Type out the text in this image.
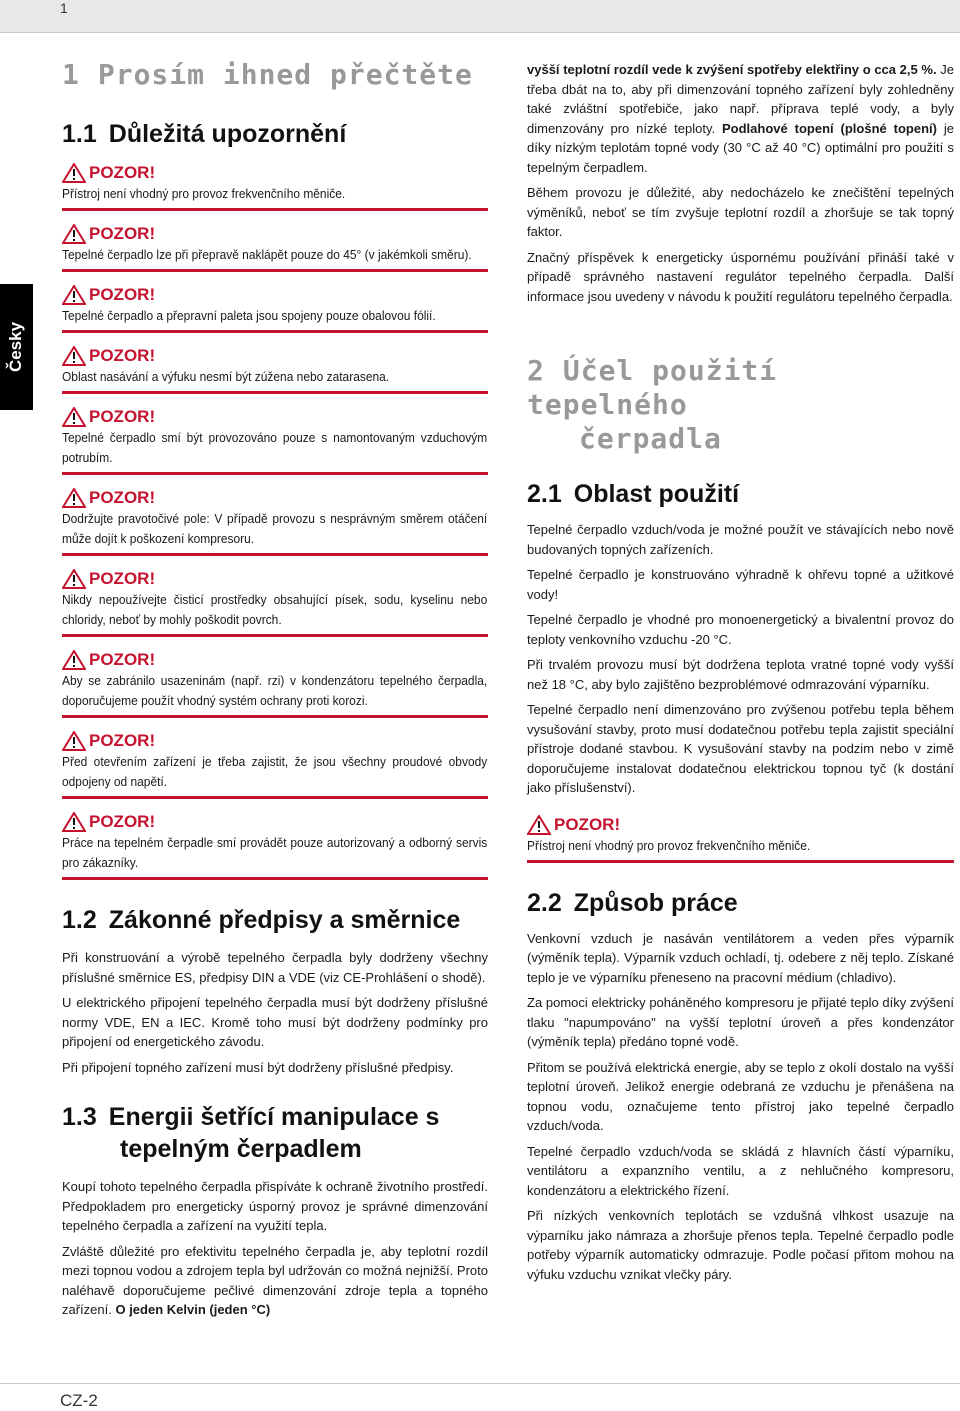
1
Česky
1 Prosím ihned přečtěte
1.1 Důležitá upozornění
POZOR!
Přístroj není vhodný pro provoz frekvenčního měniče.
POZOR!
Tepelné čerpadlo lze při přepravě naklápět pouze do 45° (v jakémkoli směru).
POZOR!
Tepelné čerpadlo a přepravní paleta jsou spojeny pouze obalovou fólií.
POZOR!
Oblast nasávání a výfuku nesmí být zúžena nebo zatarasena.
POZOR!
Tepelné čerpadlo smí být provozováno pouze s namontovaným vzduchovým potrubím.
POZOR!
Dodržujte pravotočivé pole: V případě provozu s nesprávným směrem otáčení může dojít k poškození kompresoru.
POZOR!
Nikdy nepoužívejte čisticí prostředky obsahující písek, sodu, kyselinu nebo chloridy, neboť by mohly poškodit povrch.
POZOR!
Aby se zabránilo usazeninám (např. rzi) v kondenzátoru tepelného čerpadla, doporučujeme použít vhodný systém ochrany proti korozi.
POZOR!
Před otevřením zařízení je třeba zajistit, že jsou všechny proudové obvody odpojeny od napětí.
POZOR!
Práce na tepelném čerpadle smí provádět pouze autorizovaný a odborný servis pro zákazníky.
1.2 Zákonné předpisy a směrnice

Při konstruování a výrobě tepelného čerpadla byly dodrženy všechny příslušné směrnice ES, předpisy DIN a VDE (viz CE-Prohlášení o shodě).

U elektrického připojení tepelného čerpadla musí být dodrženy příslušné normy VDE, EN a IEC. Kromě toho musí být dodrženy podmínky pro připojení od energetického závodu.

Při připojení topného zařízení musí být dodrženy příslušné předpisy.

1.3 Energii šetřící manipulace s
tepelným čerpadlem

Koupí tohoto tepelného čerpadla přispíváte k ochraně životního prostředí. Předpokladem pro energeticky úsporný provoz je správné dimenzování tepelného čerpadla a zařízení na využití tepla.

Zvláště důležité pro efektivitu tepelného čerpadla je, aby teplotní rozdíl mezi topnou vodou a zdrojem tepla byl udržován co možná nejnižší. Proto naléhavě doporučujeme pečlivé dimenzování zdroje tepla a topného zařízení. O jeden Kelvin (jeden °C)

vyšší teplotní rozdíl vede k zvýšení spotřeby elektřiny o cca 2,5 %. Je třeba dbát na to, aby při dimenzování topného zařízení byly zohledněny také zvláštní spotřebiče, jako např. příprava teplé vody, a byly dimenzovány pro nízké teploty. Podlahové topení (plošné topení) je díky nízkým teplotám topné vody (30 °C až 40 °C) optimální pro použití s tepelným čerpadlem.

Během provozu je důležité, aby nedocházelo ke znečištění tepelných výměníků, neboť se tím zvyšuje teplotní rozdíl a zhoršuje se tak topný faktor.

Značný příspěvek k energeticky úspornému používání přináší také v případě správného nastavení regulátor tepelného čerpadla. Další informace jsou uvedeny v návodu k použití regulátoru tepelného čerpadla.

2 Účel použití tepelného
čerpadla
2.1 Oblast použití

Tepelné čerpadlo vzduch/voda je možné použít ve stávajících nebo nově budovaných topných zařízeních.

Tepelné čerpadlo je konstruováno výhradně k ohřevu topné a užitkové vody!

Tepelné čerpadlo je vhodné pro monoenergetický a bivalentní provoz do teploty venkovního vzduchu -20 °C.

Při trvalém provozu musí být dodržena teplota vratné topné vody vyšší než 18 °C, aby bylo zajištěno bezproblémové odmrazování výparníku.

Tepelné čerpadlo není dimenzováno pro zvýšenou potřebu tepla během vysušování stavby, proto musí dodatečnou potřebu tepla zajistit speciální přístroje dodané stavbou. K vysušování stavby na podzim nebo v zimě doporučujeme instalovat dodatečnou elektrickou topnou tyč (k dostání jako příslušenství).

POZOR!
Přístroj není vhodný pro provoz frekvenčního měniče.
2.2 Způsob práce

Venkovní vzduch je nasáván ventilátorem a veden přes výparník (výměník tepla). Výparník vzduch ochladí, tj. odebere z něj teplo. Získané teplo je ve výparníku přeneseno na pracovní médium (chladivo).

Za pomoci elektricky poháněného kompresoru je přijaté teplo díky zvýšení tlaku "napumpováno" na vyšší teplotní úroveň a přes kondenzátor (výměník tepla) předáno topné vodě.

Přitom se používá elektrická energie, aby se teplo z okolí dostalo na vyšší teplotní úroveň. Jelikož energie odebraná ze vzduchu je přenášena na topnou vodu, označujeme tento přístroj jako tepelné čerpadlo vzduch/voda.

Tepelné čerpadlo vzduch/voda se skládá z hlavních částí výparníku, ventilátoru a expanzního ventilu, a z nehlučného kompresoru, kondenzátoru a elektrického řízení.

Při nízkých venkovních teplotách se vzdušná vlhkost usazuje na výparníku jako námraza a zhoršuje přenos tepla. Tepelné čerpadlo podle potřeby výparník automaticky odmrazuje. Podle počasí přitom mohou na výfuku vzduchu vznikat vlečky páry.

CZ-2
